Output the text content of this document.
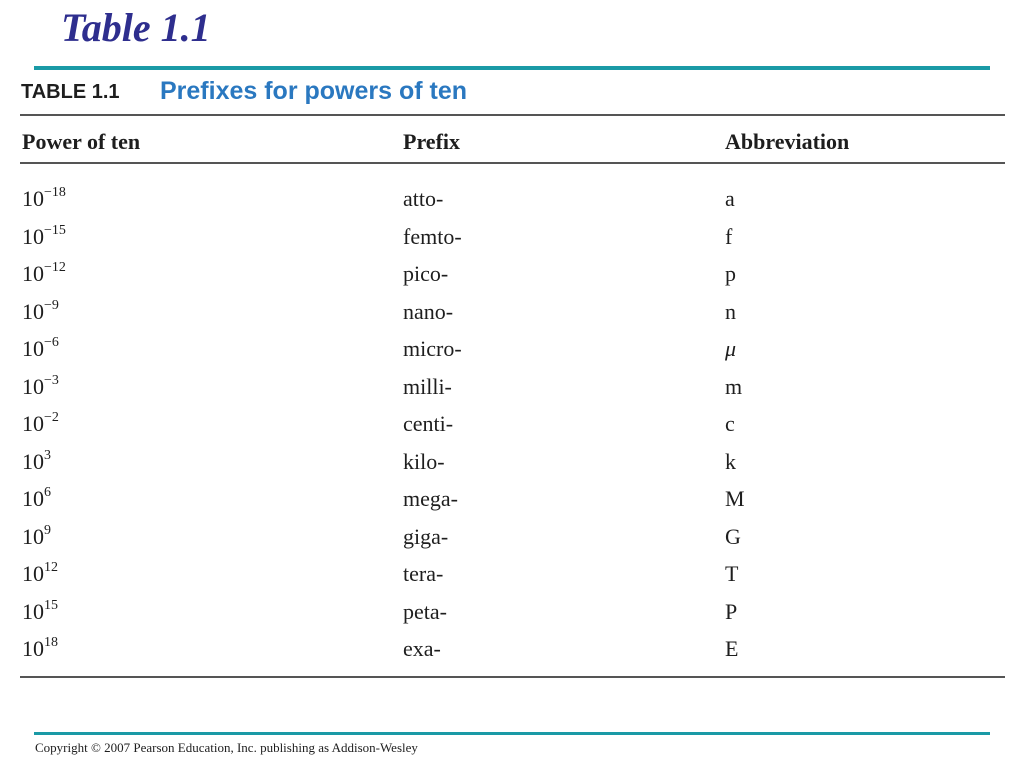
Table 1.1
TABLE 1.1 Prefixes for powers of ten
Power of ten	Prefix	Abbreviation
$10^{-18}$	atto-	a
$10^{-15}$	femto-	f
$10^{-12}$	pico-	p
$10^{-9}$	nano-	n
$10^{-6}$	micro-	μ
$10^{-3}$	milli-	m
$10^{-2}$	centi-	c
$10^3$	kilo-	k
$10^6$	mega-	M
$10^9$	giga-	G
$10^{12}$	tera-	T
$10^{15}$	peta-	P
$10^{18}$	exa-	E
Copyright © 2007 Pearson Education, Inc. publishing as Addison-Wesley
